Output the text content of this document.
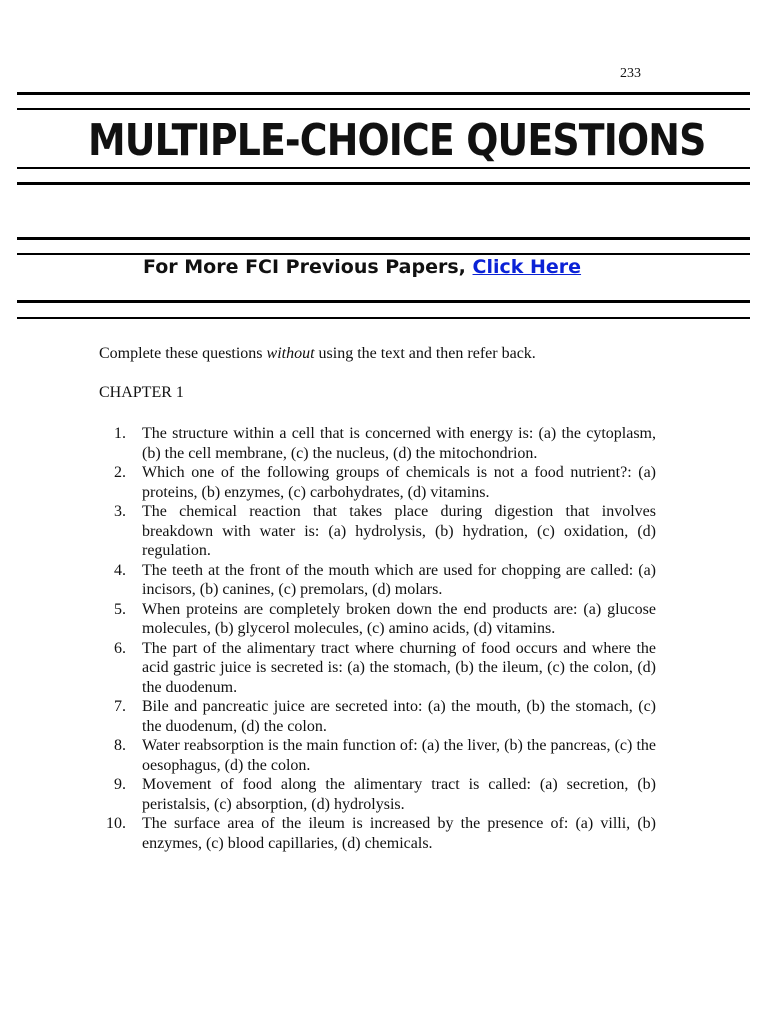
233
MULTIPLE-CHOICE QUESTIONS
For More FCI Previous Papers, Click Here
Complete these questions without using the text and then refer back.
CHAPTER 1
1. The structure within a cell that is concerned with energy is: (a) the cytoplasm, (b) the cell membrane, (c) the nucleus, (d) the mitochondrion.
2. Which one of the following groups of chemicals is not a food nutrient?: (a) proteins, (b) enzymes, (c) carbohydrates, (d) vitamins.
3. The chemical reaction that takes place during digestion that involves breakdown with water is: (a) hydrolysis, (b) hydration, (c) oxidation, (d) regulation.
4. The teeth at the front of the mouth which are used for chopping are called: (a) incisors, (b) canines, (c) premolars, (d) molars.
5. When proteins are completely broken down the end products are: (a) glucose molecules, (b) glycerol molecules, (c) amino acids, (d) vitamins.
6. The part of the alimentary tract where churning of food occurs and where the acid gastric juice is secreted is: (a) the stomach, (b) the ileum, (c) the colon, (d) the duodenum.
7. Bile and pancreatic juice are secreted into: (a) the mouth, (b) the stomach, (c) the duodenum, (d) the colon.
8. Water reabsorption is the main function of: (a) the liver, (b) the pancreas, (c) the oesophagus, (d) the colon.
9. Movement of food along the alimentary tract is called: (a) secretion, (b) peristalsis, (c) absorption, (d) hydrolysis.
10. The surface area of the ileum is increased by the presence of: (a) villi, (b) enzymes, (c) blood capillaries, (d) chemicals.
